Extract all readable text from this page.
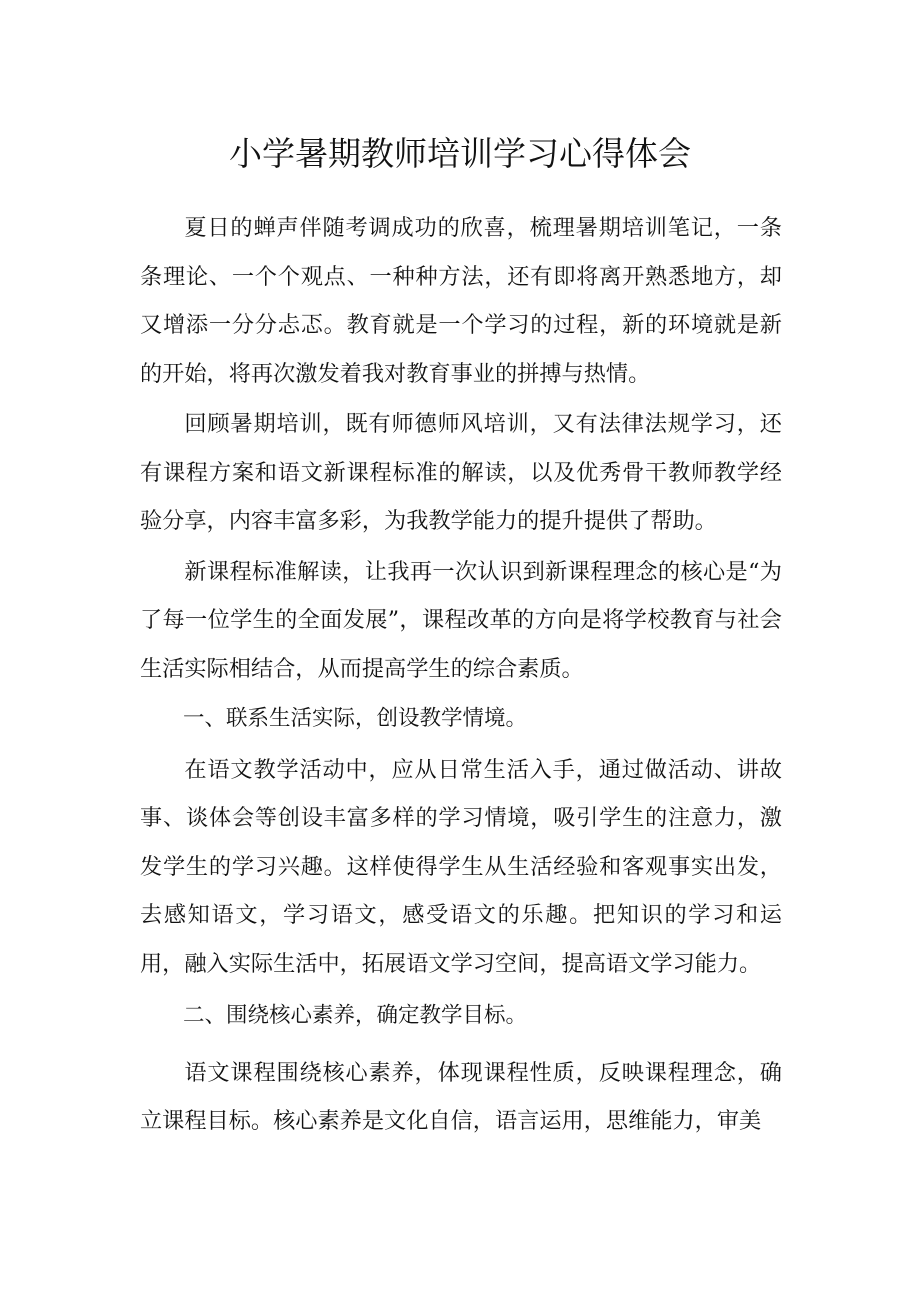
小学暑期教师培训学习心得体会

夏日的蝉声伴随考调成功的欣喜，梳理暑期培训笔记，一条条理论、一个个观点、一种种方法，还有即将离开熟悉地方，却又增添一分分忐忑。教育就是一个学习的过程，新的环境就是新的开始，将再次激发着我对教育事业的拼搏与热情。

回顾暑期培训，既有师德师风培训，又有法律法规学习，还有课程方案和语文新课程标准的解读，以及优秀骨干教师教学经验分享，内容丰富多彩，为我教学能力的提升提供了帮助。

新课程标准解读，让我再一次认识到新课程理念的核心是“为了每一位学生的全面发展”，课程改革的方向是将学校教育与社会生活实际相结合，从而提高学生的综合素质。

一、联系生活实际，创设教学情境。

在语文教学活动中，应从日常生活入手，通过做活动、讲故事、谈体会等创设丰富多样的学习情境，吸引学生的注意力，激发学生的学习兴趣。这样使得学生从生活经验和客观事实出发，去感知语文，学习语文，感受语文的乐趣。把知识的学习和运用，融入实际生活中，拓展语文学习空间，提高语文学习能力。

二、围绕核心素养，确定教学目标。

语文课程围绕核心素养，体现课程性质，反映课程理念，确立课程目标。核心素养是文化自信，语言运用，思维能力，审美
